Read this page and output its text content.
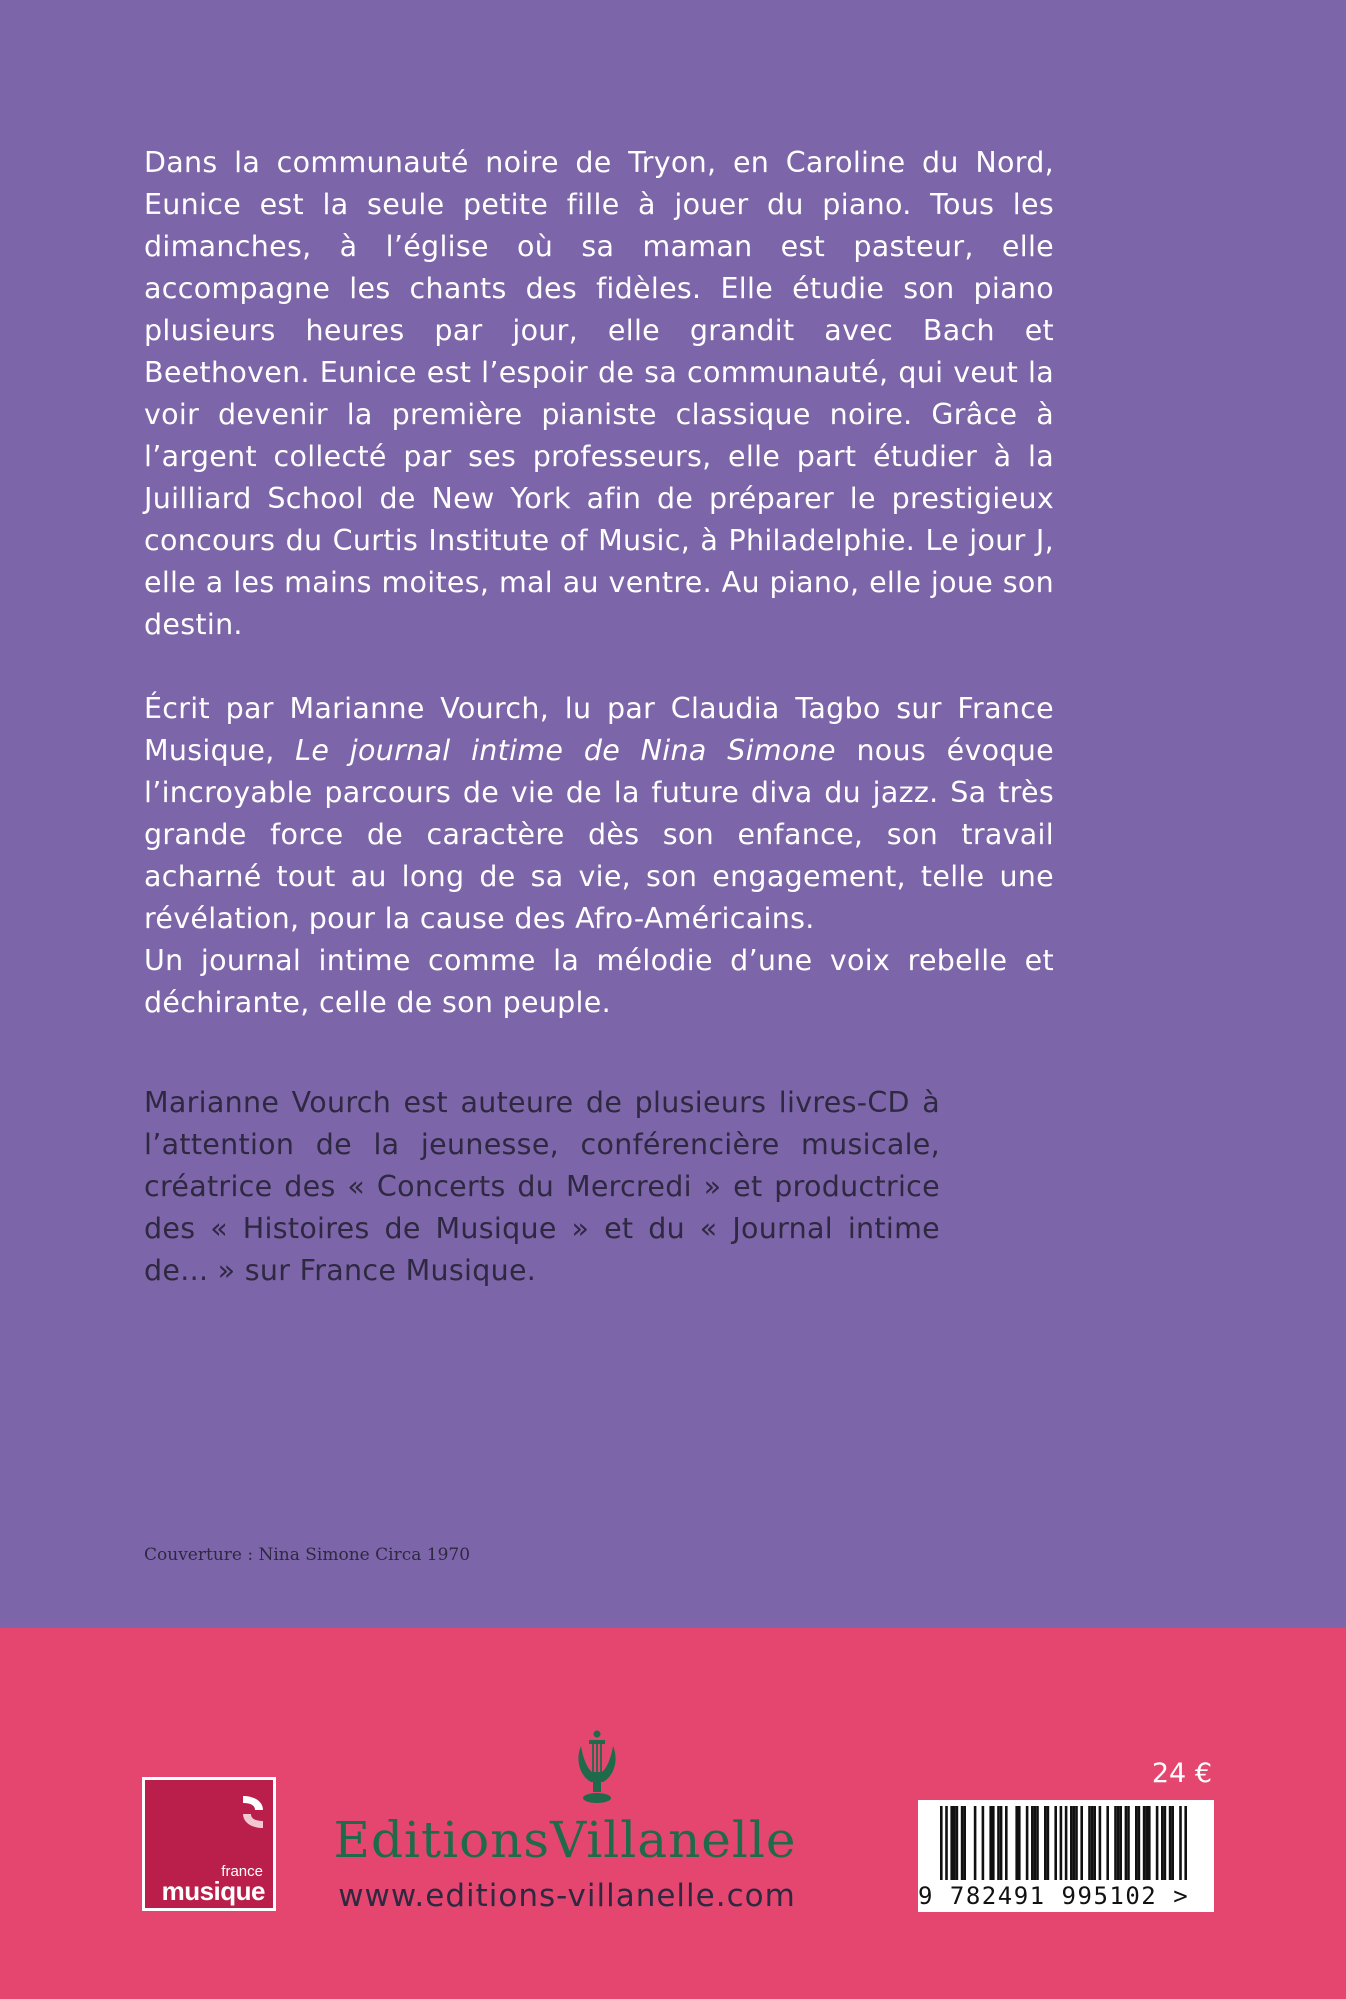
Dans la communauté noire de Tryon, en Caroline du Nord, Eunice est la seule petite fille à jouer du piano. Tous les dimanches, à l’église où sa maman est pasteur, elle accompagne les chants des fidèles. Elle étudie son piano plusieurs heures par jour, elle grandit avec Bach et Beethoven. Eunice est l’espoir de sa communauté, qui veut la voir devenir la première pianiste classique noire. Grâce à l’argent collecté par ses professeurs, elle part étudier à la Juilliard School de New York afin de préparer le prestigieux concours du Curtis Institute of Music, à Philadelphie. Le jour J, elle a les mains moites, mal au ventre. Au piano, elle joue son destin.

Écrit par Marianne Vourch, lu par Claudia Tagbo sur France Musique, Le journal intime de Nina Simone nous évoque l’incroyable parcours de vie de la future diva du jazz. Sa très grande force de caractère dès son enfance, son travail acharné tout au long de sa vie, son engagement, telle une révélation, pour la cause des Afro-Américains.

Un journal intime comme la mélodie d’une voix rebelle et déchirante, celle de son peuple.

Marianne Vourch est auteure de plusieurs livres-CD à l’attention de la jeunesse, conférencière musicale, créatrice des « Concerts du Mercredi » et productrice des « Histoires de Musique » et du « Journal intime de... » sur France Musique.
Couverture : Nina Simone Circa 1970
france
musique
EditionsVillanelle
www.editions-villanelle.com
24 €
9 782491 995102 >
